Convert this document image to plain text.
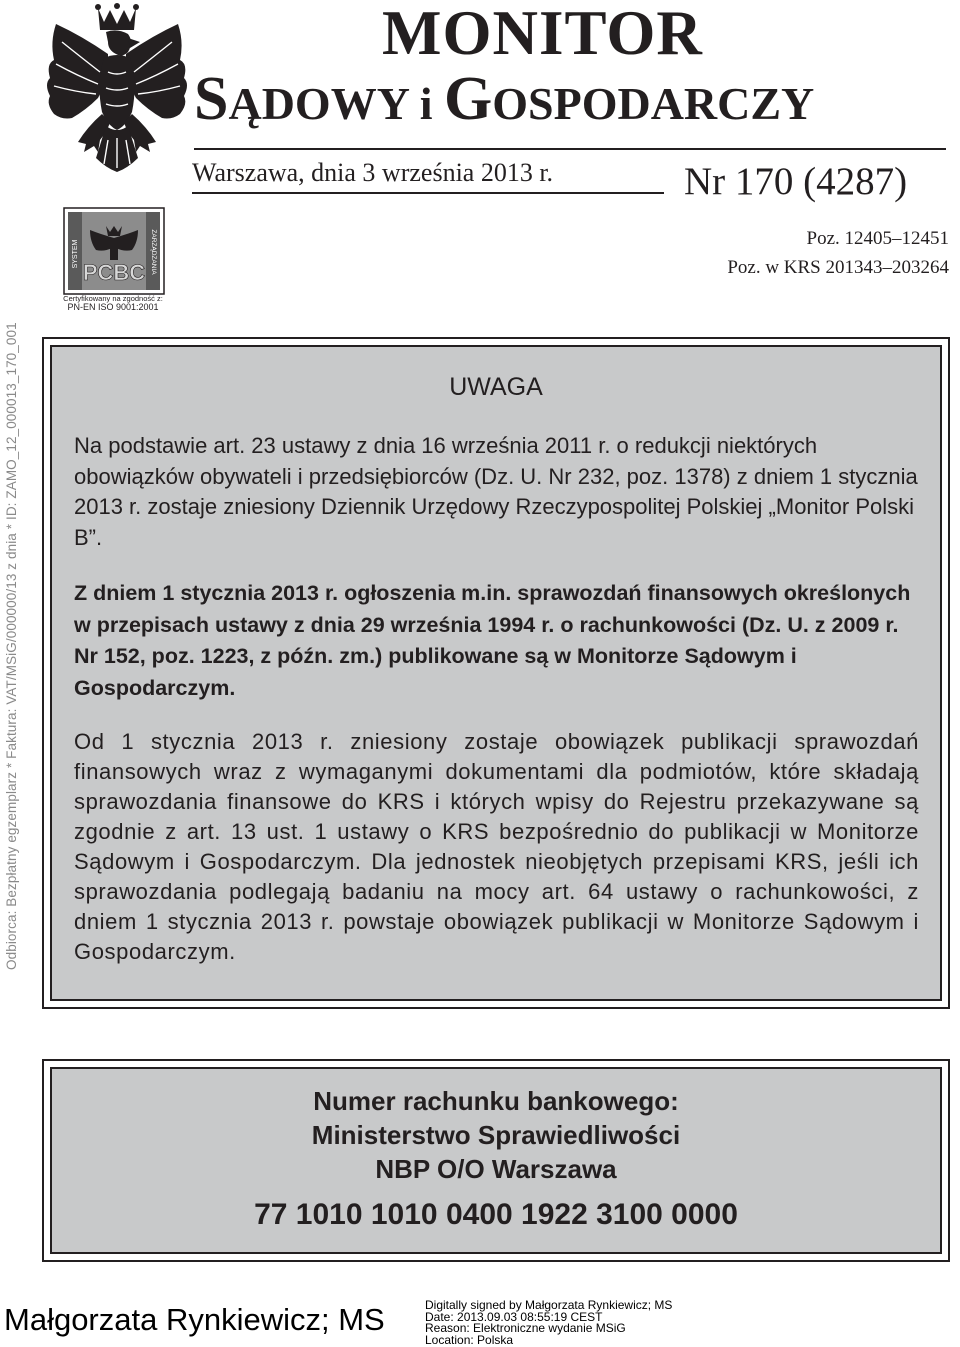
Odbiorca: Bezpłatny egzemplarz * Faktura: VAT/MSiG/000000/13 z dnia * ID: ZAMO_12_000013_170_001
MONITOR
SĄDOWY i GOSPODARCZY
Warszawa, dnia 3 września 2013 r.	Nr 170 (4287)
Poz. 12405–12451
Poz. w KRS 201343–203264
PCBC
SYSTEM	ZARZĄDZANIA
Certyfikowany na zgodność z:
PN-EN ISO 9001:2001
UWAGA

Na podstawie art. 23 ustawy z dnia 16 września 2011 r. o redukcji niektórych obowiązków obywateli i przedsiębiorców (Dz. U. Nr 232, poz. 1378) z dniem 1 stycznia 2013 r. zostaje zniesiony Dziennik Urzędowy Rzeczypospolitej Polskiej „Monitor Polski B”.

Z dniem 1 stycznia 2013 r. ogłoszenia m.in. sprawozdań finansowych określonych w przepisach ustawy z dnia 29 września 1994 r. o rachunkowości (Dz. U. z 2009 r. Nr 152, poz. 1223, z późn. zm.) publikowane są w Monitorze Sądowym i Gospodarczym.

Od 1 stycznia 2013 r. zniesiony zostaje obowiązek publikacji sprawozdań finansowych wraz z wymaganymi dokumentami dla podmiotów, które składają sprawozdania finansowe do KRS i których wpisy do Rejestru przekazywane są zgodnie z art. 13 ust. 1 ustawy o KRS bezpośrednio do publikacji w Monitorze Sądowym i Gospodarczym. Dla jednostek nieobjętych przepisami KRS, jeśli ich sprawozdania podlegają badaniu na mocy art. 64 ustawy o rachunkowości, z dniem 1 stycznia 2013 r. powstaje obowiązek publikacji w Monitorze Sądowym i Gospodarczym.

Numer rachunku bankowego:
Ministerstwo Sprawiedliwości
NBP O/O Warszawa
77 1010 1010 0400 1922 3100 0000
Małgorzata Rynkiewicz; MS	Digitally signed by Małgorzata Rynkiewicz; MS
Date: 2013.09.03 08:55:19 CEST
Reason: Elektroniczne wydanie MSiG
Location: Polska
